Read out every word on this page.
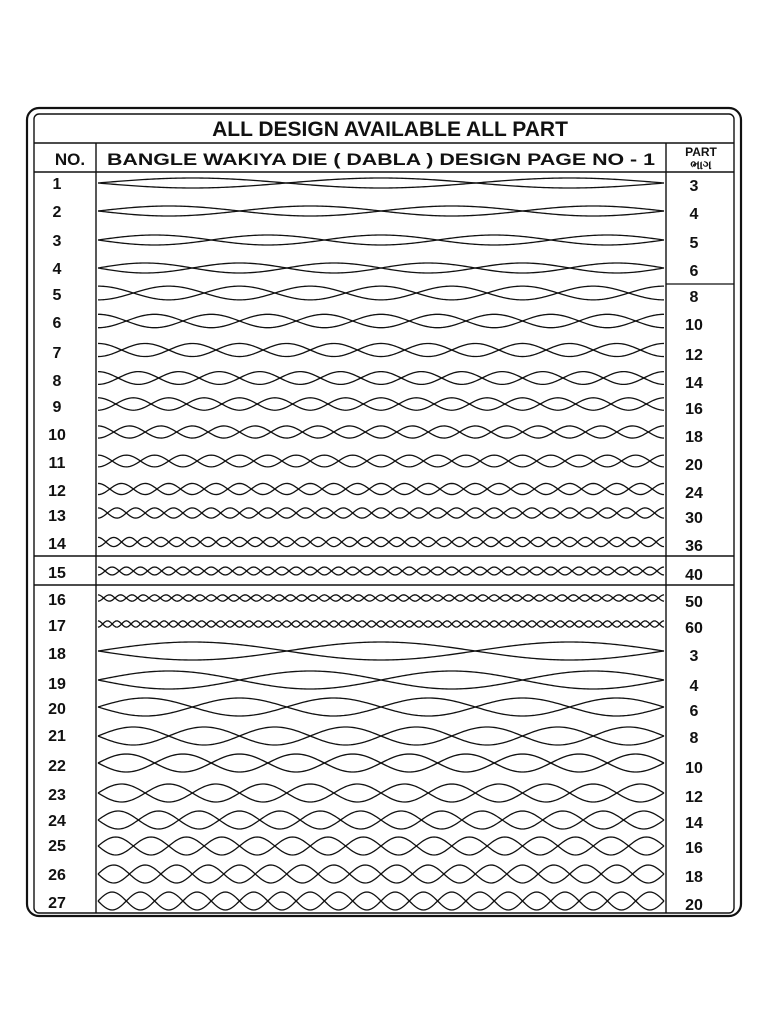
ALL DESIGN AVAILABLE ALL PART
NO. BANGLE WAKIYA DIE ( DABLA ) DESIGN PAGE NO - 1	PART
ભાગ
1	3
2	4
3	5
4	6
5	8
6	10
7	12
8	14
9	16
10	18
11	20
12	24
13	30
14	36
15	40
16	50
17	60
18	3
19	4
20	6
21	8
22	10
23	12
24	14
25	16
26	18
27	20
